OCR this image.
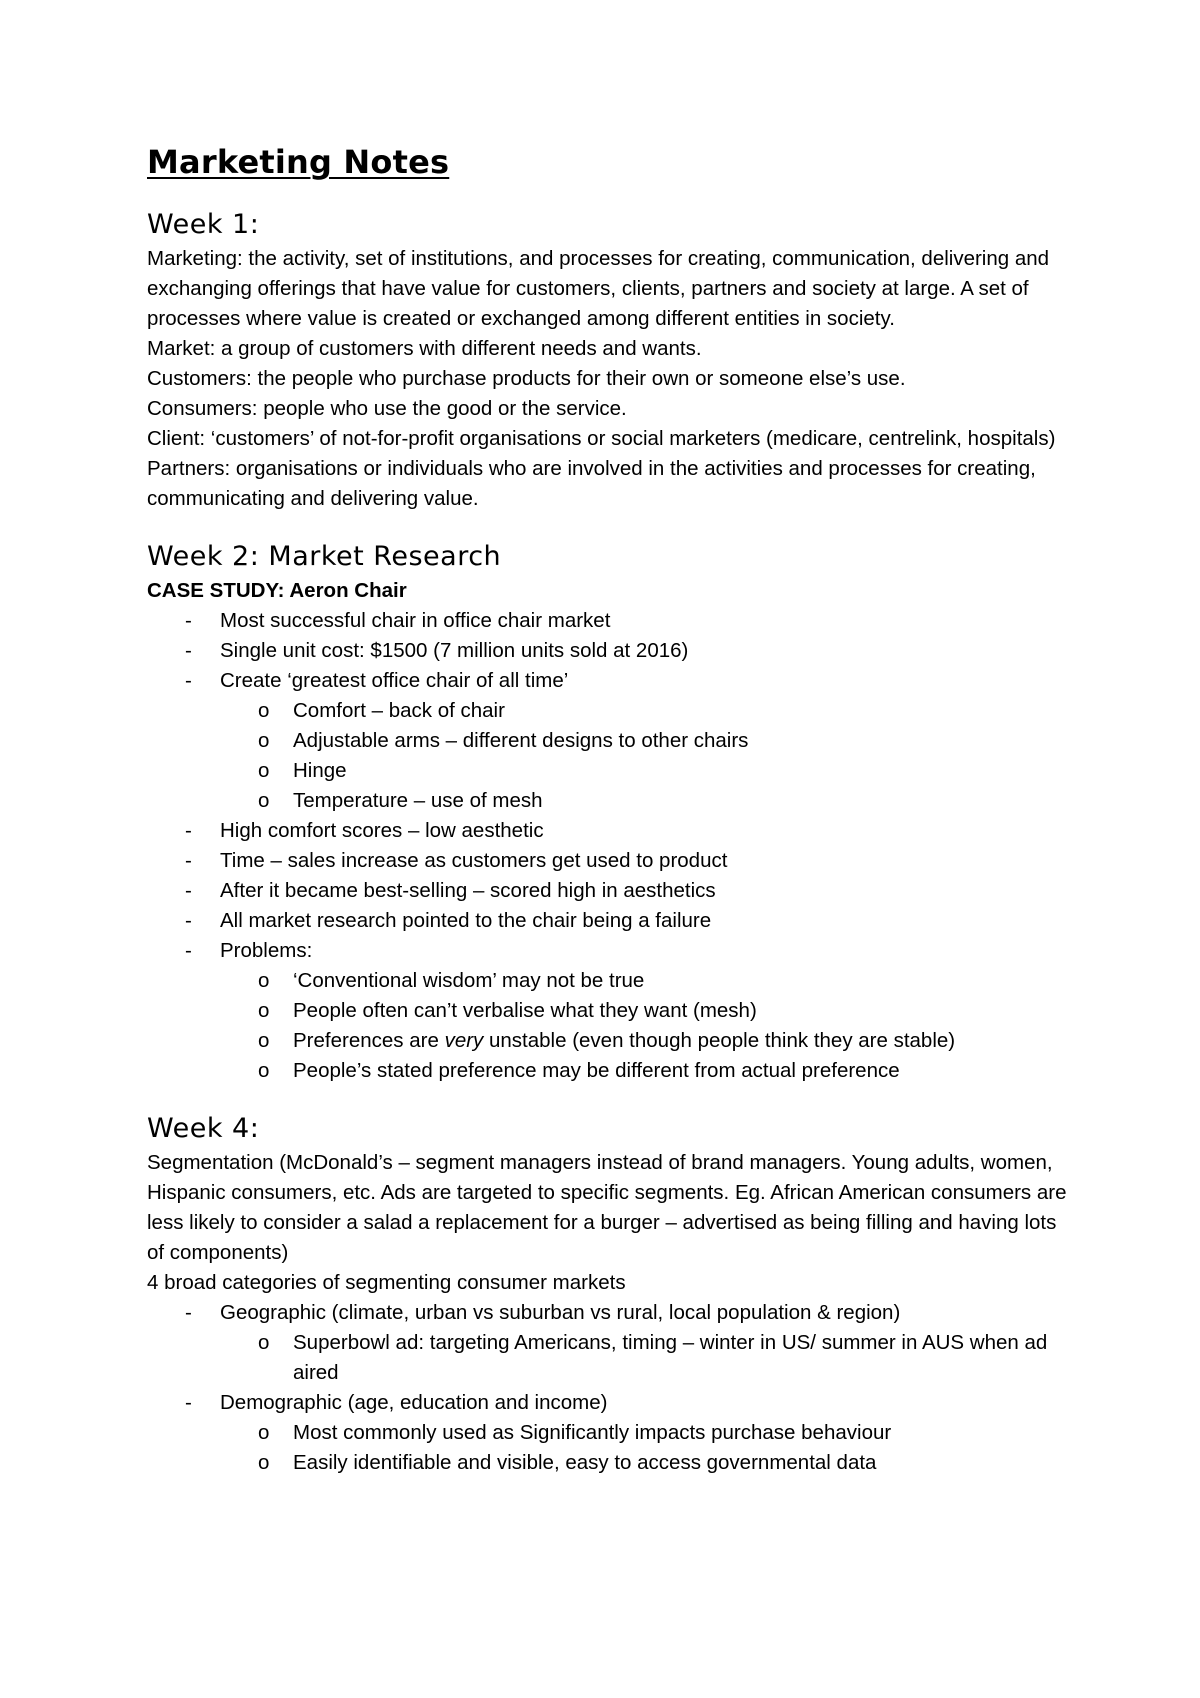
Marketing Notes
Week 1:

Marketing: the activity, set of institutions, and processes for creating, communication, delivering and exchanging offerings that have value for customers, clients, partners and society at large. A set of processes where value is created or exchanged among different entities in society.

Market: a group of customers with different needs and wants.

Customers: the people who purchase products for their own or someone else’s use.

Consumers: people who use the good or the service.

Client: ‘customers’ of not-for-profit organisations or social marketers (medicare, centrelink, hospitals)

Partners: organisations or individuals who are involved in the activities and processes for creating, communicating and delivering value.

Week 2: Market Research
CASE STUDY: Aeron Chair
- Most successful chair in office chair market
- Single unit cost: $1500 (7 million units sold at 2016)
- Create ‘greatest office chair of all time’
o Comfort – back of chair
o Adjustable arms – different designs to other chairs
o Hinge
o Temperature – use of mesh
- High comfort scores – low aesthetic
- Time – sales increase as customers get used to product
- After it became best-selling – scored high in aesthetics
- All market research pointed to the chair being a failure
- Problems:
o ‘Conventional wisdom’ may not be true
o People often can’t verbalise what they want (mesh)
o Preferences are very unstable (even though people think they are stable)
o People’s stated preference may be different from actual preference
Week 4:

Segmentation (McDonald’s – segment managers instead of brand managers. Young adults, women, Hispanic consumers, etc. Ads are targeted to specific segments. Eg. African American consumers are less likely to consider a salad a replacement for a burger – advertised as being filling and having lots of components)

4 broad categories of segmenting consumer markets

- Geographic (climate, urban vs suburban vs rural, local population & region)
o Superbowl ad: targeting Americans, timing – winter in US/ summer in AUS when ad aired
- Demographic (age, education and income)
o Most commonly used as Significantly impacts purchase behaviour
o Easily identifiable and visible, easy to access governmental data
